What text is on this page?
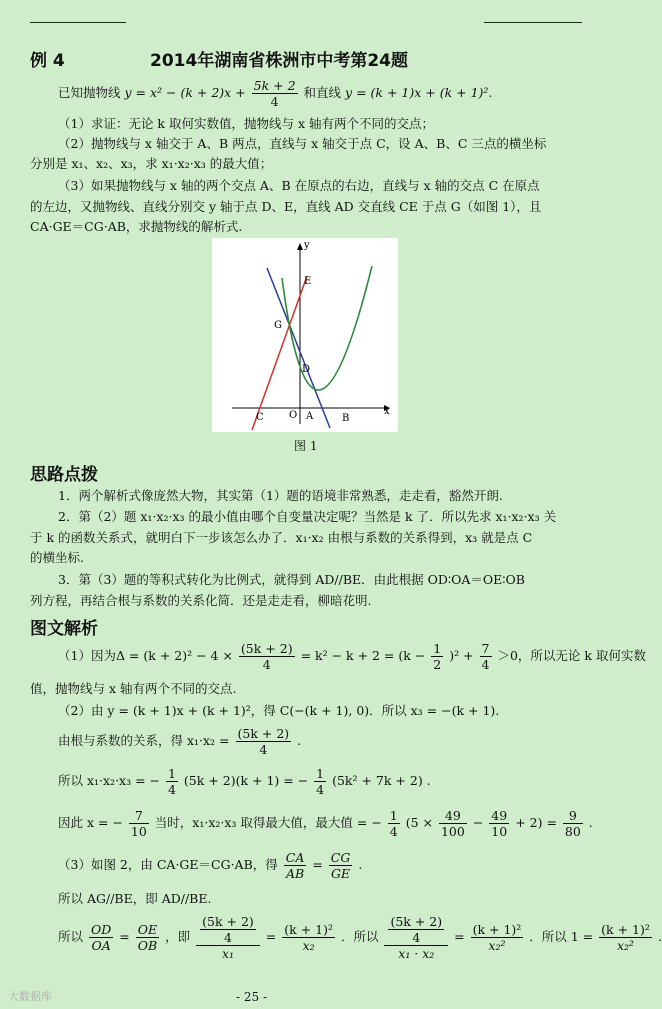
例 4	2014年湖南省株洲市中考第24题
已知抛物线 $y = x^2 - (k + 2)x + \frac{5k + 2}{4}$ 和直线 y = (k + 1)x + (k + 1)².
（1）求证：无论 k 取何实数值，抛物线与 x 轴有两个不同的交点；
（2）抛物线与 x 轴交于 A、B 两点，直线与 x 轴交于点 C，设 A、B、C 三点的横坐标
分别是 x₁、x₂、x₃，求 x₁·x₂·x₃ 的最大值；
（3）如果抛物线与 x 轴的两个交点 A、B 在原点的右边，直线与 x 轴的交点 C 在原点
的左边，又抛物线、直线分别交 y 轴于点 D、E，直线 AD 交直线 CE 于点 G（如图 1），且
CA·GE＝CG·AB，求抛物线的解析式.
y
x
E
G
D
C	O A	B
图 1
思路点拨
1．两个解析式像庞然大物，其实第（1）题的语境非常熟悉，走走看，豁然开朗.
2．第（2）题 x₁·x₂·x₃ 的最小值由哪个自变量决定呢？当然是 k 了．所以先求 x₁·x₂·x₃ 关
于 k 的函数关系式，就明白下一步该怎么办了．x₁·x₂ 由根与系数的关系得到，x₃ 就是点 C
的横坐标.
3．第（3）题的等积式转化为比例式，就得到 AD//BE．由此根据 OD∶OA＝OE∶OB
列方程，再结合根与系数的关系化简．还是走走看，柳暗花明.
图文解析
（1）因为$\Delta = (k + 2)^2 - 4 \times \frac{(5k + 2)}{4} = k^2 - k + 2 = (k - \frac{1}{2} )^2 + \frac{7}{4} >0$，所以无论 k 取何实数
值，抛物线与 x 轴有两个不同的交点.
（2）由 y = (k + 1)x + (k + 1)²，得 C(−(k + 1), 0)．所以 x₃ = −(k + 1).
由根与系数的关系，得 $x_1\cdot x_2 = \frac{(5k + 2)}{4}$ .
所以 x₁·x₂·x₃ = − $\frac{1}{4} (5k + 2)(k + 1)$ = − $\frac{1}{4} (5k^2 + 7k + 2)$ .
因此 x = − $\frac{7}{10}$ 当时，x₁·x₂·x₃ 取得最大值，最大值 = − $\frac{1}{4} (5 \times \frac{49}{100} - \frac{49}{10} + 2) = \frac{9}{80}$ .
（3）如图 2，由 CA·GE＝CG·AB，得 $\frac{CA}{AB} = \frac{CG}{GE}$ .
所以 AG//BE，即 AD//BE.
所以 $\frac{OD}{OA} = \frac{OE}{OB}$ ，即 $\frac{\frac{(5k + 2)}{4}}{\text{x₁}} = \frac{\text{(k + 1)²}}{\text{x₂}}$ ．所以 $\frac{\frac{(5k + 2)}{4}}{\text{x₁ · x₂}} = \frac{\text{(k + 1)²}}{\text{x₂²}}$ ．所以 $1 = \frac{\text{(k + 1)²}}{\text{x₂²}}$ .
大数据库	- 25 -
